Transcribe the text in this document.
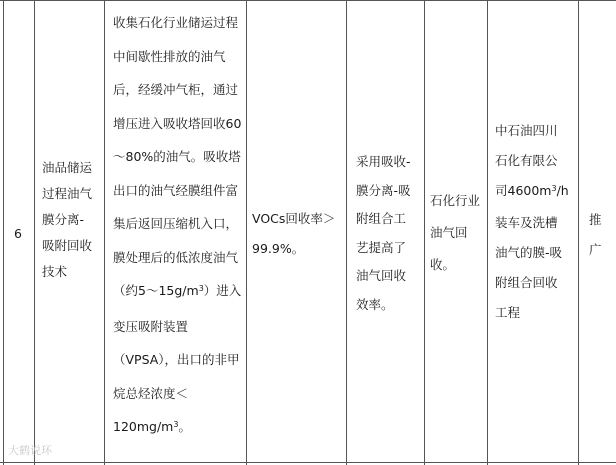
6
油品储运
过程油气
膜分离-
吸附回收
技术
收集石化行业储运过程
中间歇性排放的油气
后，经缓冲气柜，通过
增压进入吸收塔回收60
～80%的油气。吸收塔
出口的油气经膜组件富
集后返回压缩机入口，
膜处理后的低浓度油气
（约$5\sim 15g/m^3$）进入
变压吸附装置
（VPSA），出口的非甲
烷总烃浓度＜
$120mg/m^3$。
VOCs回收率＞
99.9%。
采用吸收-
膜分离-吸
附组合工
艺提高了
油气回收
效率。
石化行业
油气回
收。
中石油四川
石化有限公
司$4600m^3/h$
装车及洗槽
油气的膜-吸
附组合回收
工程
推
广
大鹤说环
